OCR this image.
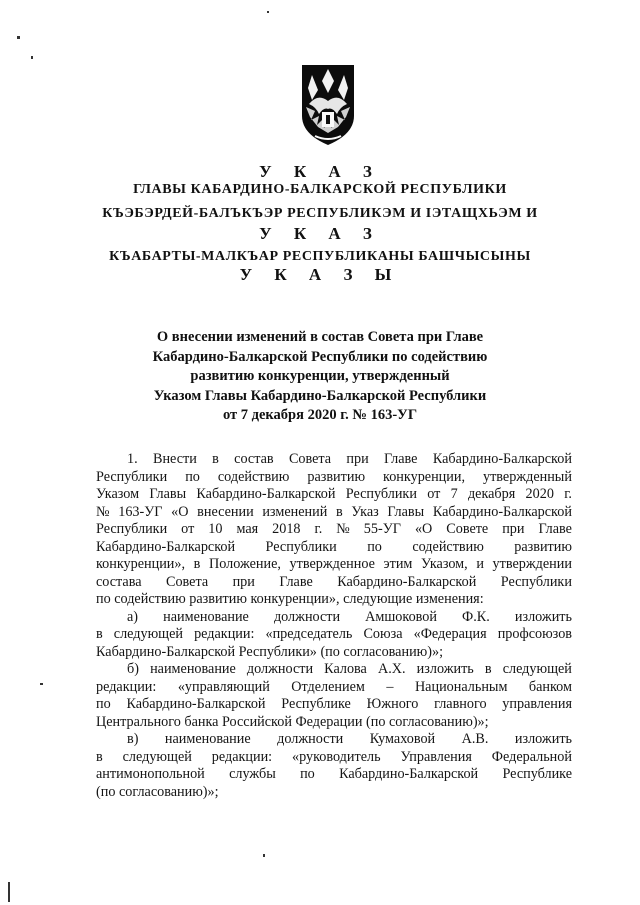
У К А З
ГЛАВЫ КАБАРДИНО-БАЛКАРСКОЙ РЕСПУБЛИКИ
КЪЭБЭРДЕЙ-БАЛЪКЪЭР РЕСПУБЛИКЭМ И IЭТАЩХЬЭМ И
У К А З
КЪАБАРТЫ-МАЛКЪАР РЕСПУБЛИКАНЫ БАШЧЫСЫНЫ
У К А З Ы
О внесении изменений в состав Совета при Главе
Кабардино-Балкарской Республики по содействию
развитию конкуренции, утвержденный
Указом Главы Кабардино-Балкарской Республики
от 7 декабря 2020 г. № 163-УГ
1. Внести в состав Совета при Главе Кабардино-Балкарской
Республики по содействию развитию конкуренции, утвержденный
Указом Главы Кабардино-Балкарской Республики от 7 декабря 2020 г.
№ 163-УГ «О внесении изменений в Указ Главы Кабардино-Балкарской
Республики от 10 мая 2018 г. № 55-УГ «О Совете при Главе
Кабардино-Балкарской Республики по содействию развитию
конкуренции», в Положение, утвержденное этим Указом, и утверждении
состава Совета при Главе Кабардино-Балкарской Республики
по содействию развитию конкуренции», следующие изменения:
а) наименование должности Амшоковой Ф.К. изложить
в следующей редакции: «председатель Союза «Федерация профсоюзов
Кабардино-Балкарской Республики» (по согласованию)»;
б) наименование должности Калова А.Х. изложить в следующей
редакции: «управляющий Отделением – Национальным банком
по Кабардино-Балкарской Республике Южного главного управления
Центрального банка Российской Федерации (по согласованию)»;
в) наименование должности Кумаховой А.В. изложить
в следующей редакции: «руководитель Управления Федеральной
антимонопольной службы по Кабардино-Балкарской Республике
(по согласованию)»;
